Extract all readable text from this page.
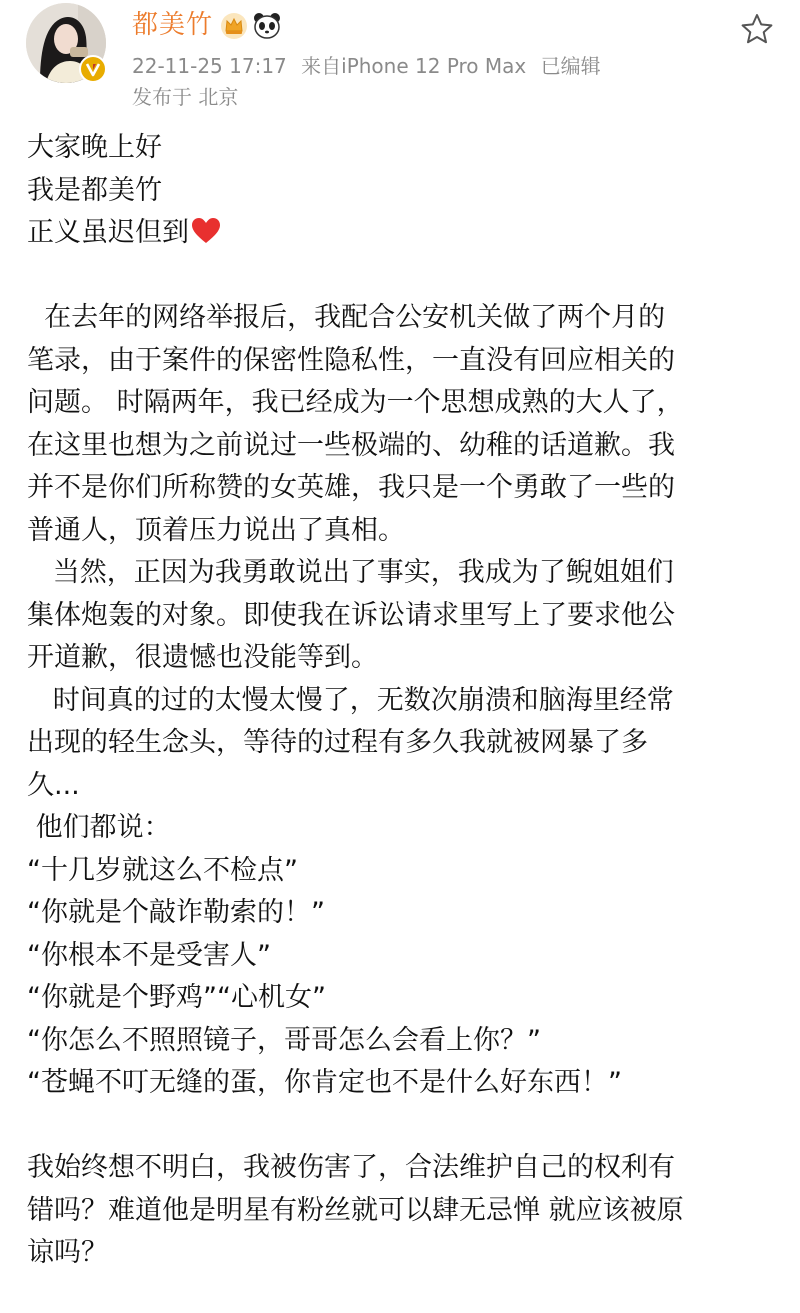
都美竹
22-11-25 17:17 来自iPhone 12 Pro Max 已编辑
发布于 北京
大家晚上好
我是都美竹
正义虽迟但到
在去年的网络举报后，我配合公安机关做了两个月的
笔录，由于案件的保密性隐私性，一直没有回应相关的
问题。 时隔两年，我已经成为一个思想成熟的大人了，
在这里也想为之前说过一些极端的、幼稚的话道歉。我
并不是你们所称赞的女英雄，我只是一个勇敢了一些的
普通人，顶着压力说出了真相。
当然，正因为我勇敢说出了事实，我成为了鲵姐姐们
集体炮轰的对象。即使我在诉讼请求里写上了要求他公
开道歉，很遗憾也没能等到。
时间真的过的太慢太慢了，无数次崩溃和脑海里经常
出现的轻生念头，等待的过程有多久我就被网暴了多
久...
他们都说：
“十几岁就这么不检点”
“你就是个敲诈勒索的！”
“你根本不是受害人”
“你就是个野鸡”“心机女”
“你怎么不照照镜子，哥哥怎么会看上你？”
“苍蝇不叮无缝的蛋，你肯定也不是什么好东西！”
我始终想不明白，我被伤害了，合法维护自己的权利有
错吗？难道他是明星有粉丝就可以肆无忌惮 就应该被原
谅吗？
